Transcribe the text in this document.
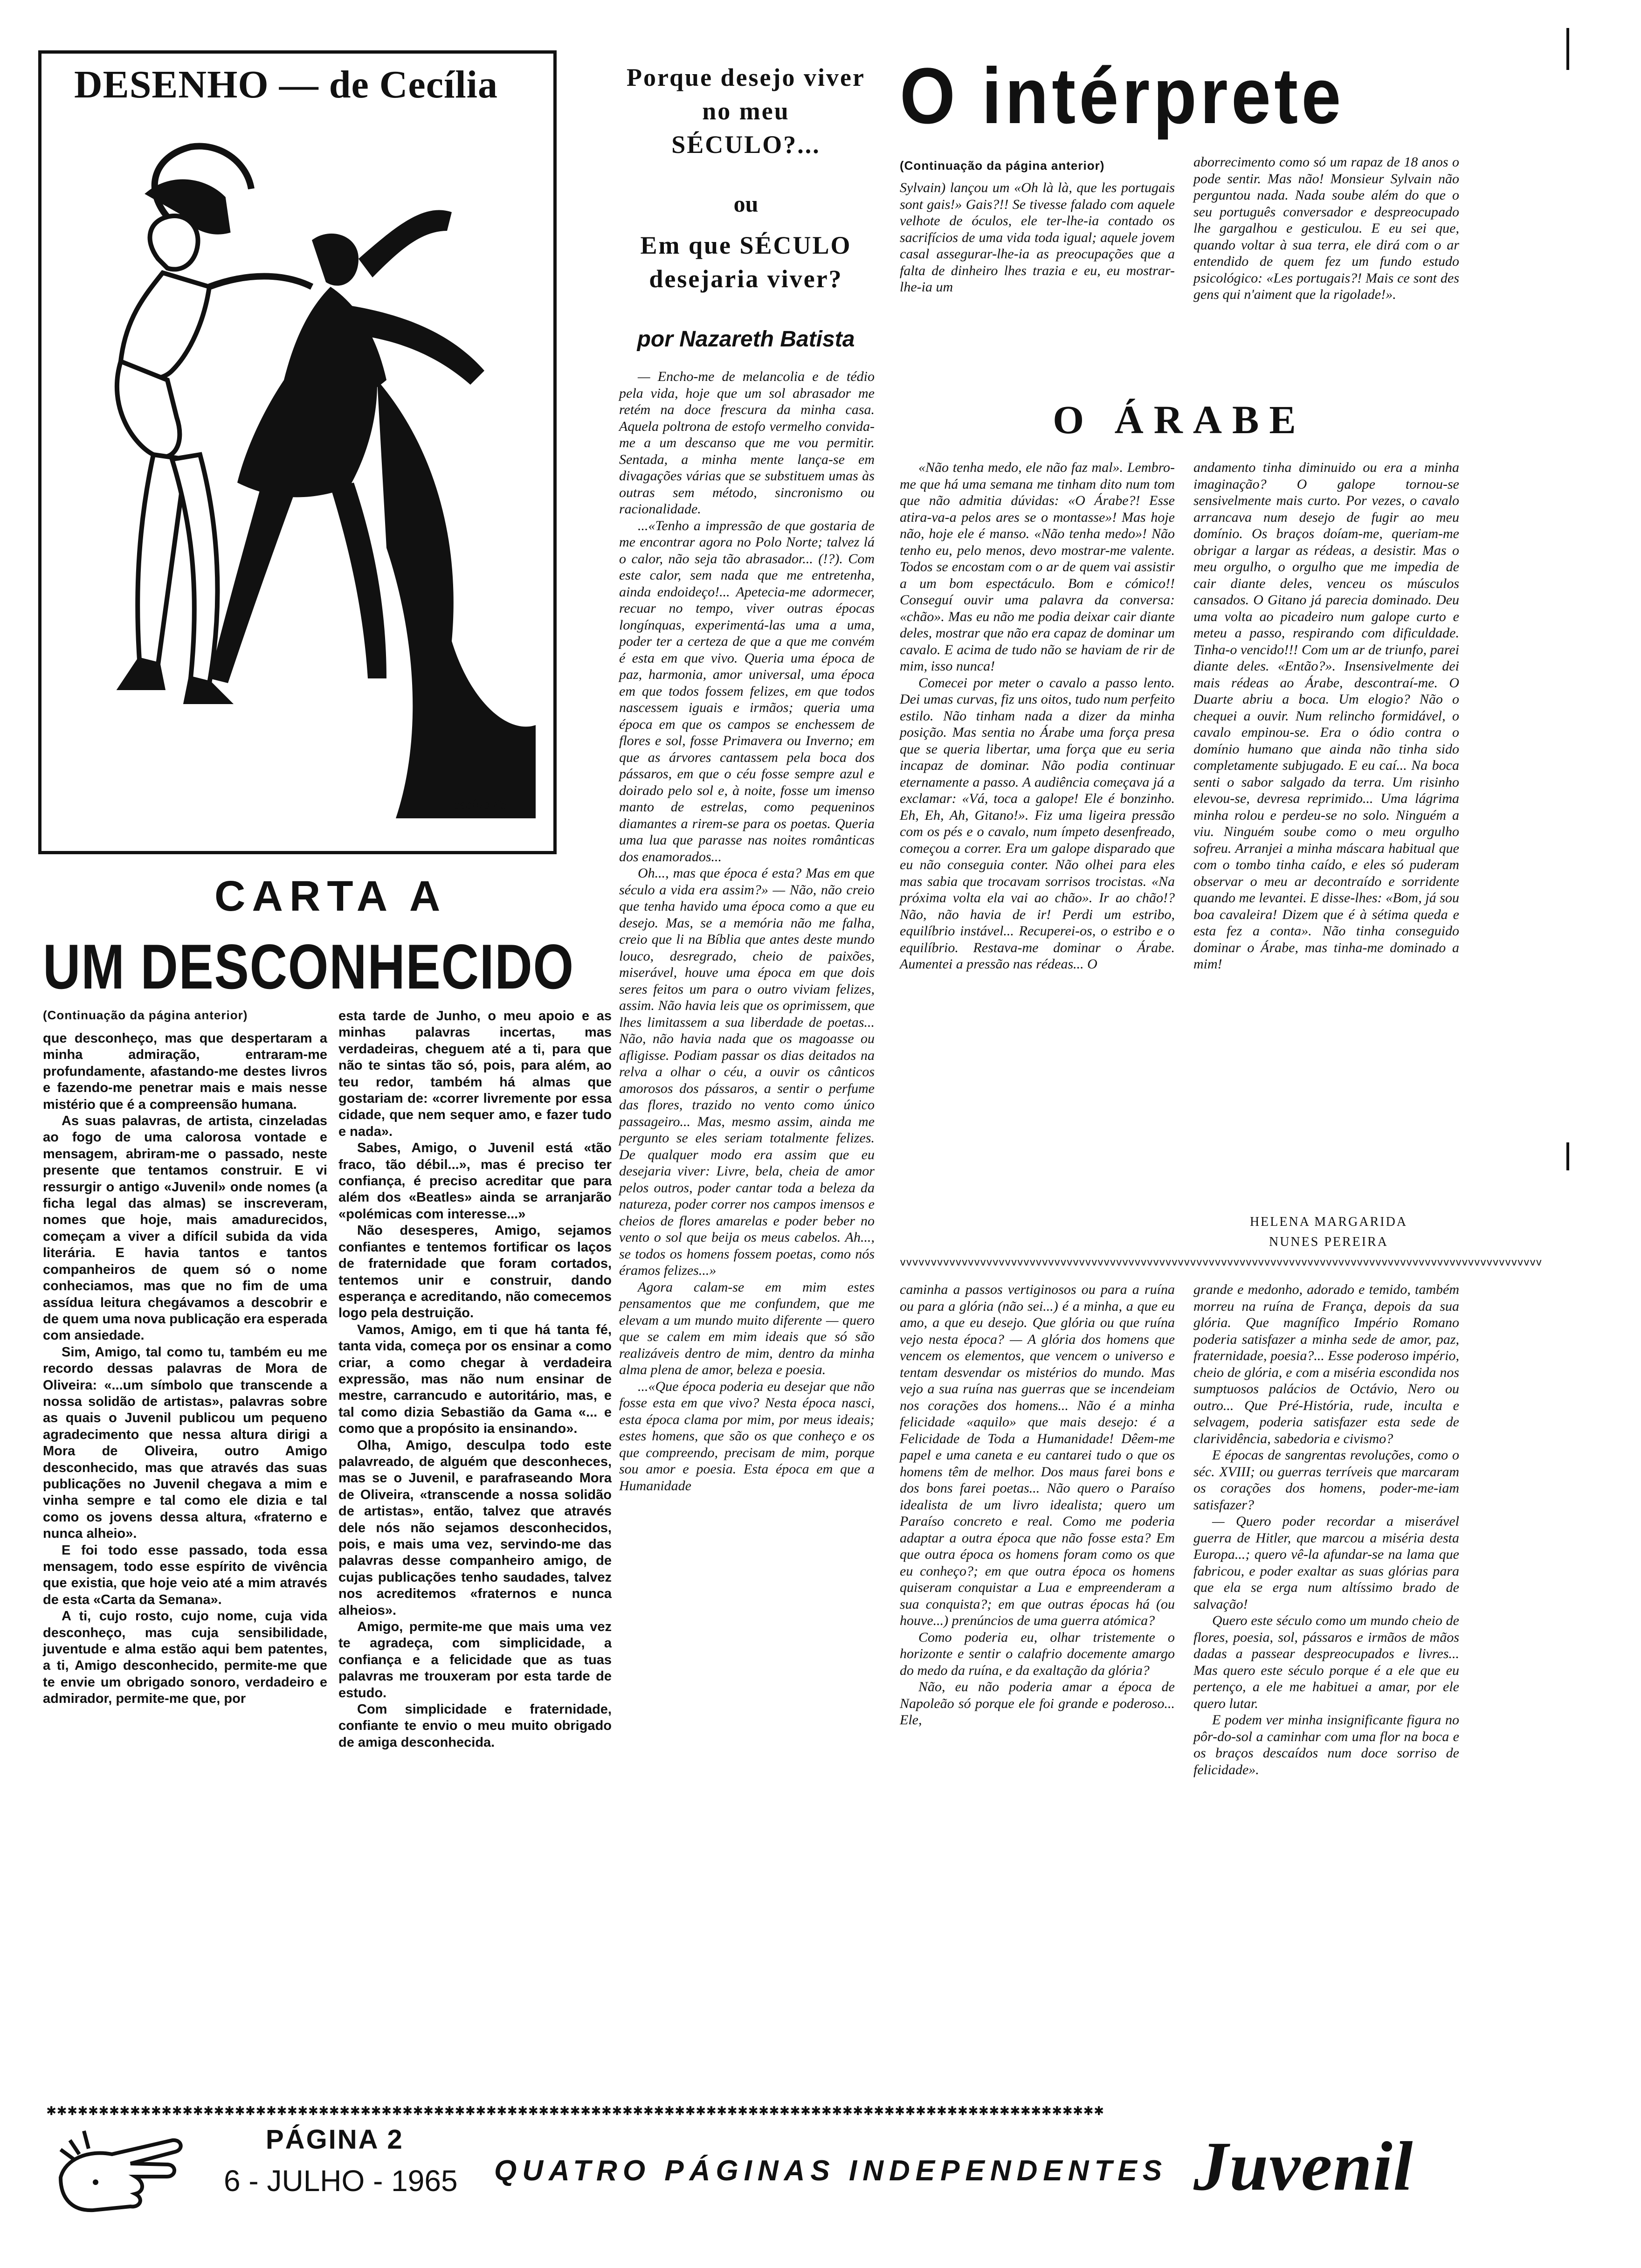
DESENHO — de Cecília
cecília 65
CARTA A
UM DESCONHECIDO
(Continuação da página anterior)

que desconheço, mas que despertaram a minha admiração, entraram-me profundamente, afastando-me destes livros e fazendo-me penetrar mais e mais nesse mistério que é a compreensão humana.

As suas palavras, de artista, cinzeladas ao fogo de uma calorosa vontade e mensagem, abriram-me o passado, neste presente que tentamos construir. E vi ressurgir o antigo «Juvenil» onde nomes (a ficha legal das almas) se inscreveram, nomes que hoje, mais amadurecidos, começam a viver a difícil subida da vida literária. E havia tantos e tantos companheiros de quem só o nome conheciamos, mas que no fim de uma assídua leitura chegávamos a descobrir e de quem uma nova publicação era esperada com ansiedade.

Sim, Amigo, tal como tu, também eu me recordo dessas palavras de Mora de Oliveira: «...um símbolo que transcende a nossa solidão de artistas», palavras sobre as quais o Juvenil publicou um pequeno agradecimento que nessa altura dirigi a Mora de Oliveira, outro Amigo desconhecido, mas que através das suas publicações no Juvenil chegava a mim e vinha sempre e tal como ele dizia e tal como os jovens dessa altura, «fraterno e nunca alheio».

E foi todo esse passado, toda essa mensagem, todo esse espírito de vivência que existia, que hoje veio até a mim através de esta «Carta da Semana».

A ti, cujo rosto, cujo nome, cuja vida desconheço, mas cuja sensibilidade, juventude e alma estão aqui bem patentes, a ti, Amigo desconhecido, permite-me que te envie um obrigado sonoro, verdadeiro e admirador, permite-me que, por

esta tarde de Junho, o meu apoio e as minhas palavras incertas, mas verdadeiras, cheguem até a ti, para que não te sintas tão só, pois, para além, ao teu redor, também há almas que gostariam de: «correr livremente por essa cidade, que nem sequer amo, e fazer tudo e nada».

Sabes, Amigo, o Juvenil está «tão fraco, tão débil...», mas é preciso ter confiança, é preciso acreditar que para além dos «Beatles» ainda se arranjarão «polémicas com interesse...»

Não desesperes, Amigo, sejamos confiantes e tentemos fortificar os laços de fraternidade que foram cortados, tentemos unir e construir, dando esperança e acreditando, não comecemos logo pela destruição.

Vamos, Amigo, em ti que há tanta fé, tanta vida, começa por os ensinar a como criar, a como chegar à verdadeira expressão, mas não num ensinar de mestre, carrancudo e autoritário, mas, e tal como dizia Sebastião da Gama «... e como que a propósito ia ensinando».

Olha, Amigo, desculpa todo este palavreado, de alguém que desconheces, mas se o Juvenil, e parafraseando Mora de Oliveira, «transcende a nossa solidão de artistas», então, talvez que através dele nós não sejamos desconhecidos, pois, e mais uma vez, servindo-me das palavras desse companheiro amigo, de cujas publicações tenho saudades, talvez nos acreditemos «fraternos e nunca alheios».

Amigo, permite-me que mais uma vez te agradeça, com simplicidade, a confiança e a felicidade que as tuas palavras me trouxeram por esta tarde de estudo.

Com simplicidade e fraternidade, confiante te envio o meu muito obrigado de amiga desconhecida.

Porque desejo viver no meu SÉCULO?...
ou
Em que SÉCULO desejaria viver?
por Nazareth Batista

— Encho-me de melancolia e de tédio pela vida, hoje que um sol abrasador me retém na doce frescura da minha casa. Aquela poltrona de estofo vermelho convida-me a um descanso que me vou permitir. Sentada, a minha mente lança-se em divagações várias que se substituem umas às outras sem método, sincronismo ou racionalidade.

...«Tenho a impressão de que gostaria de me encontrar agora no Polo Norte; talvez lá o calor, não seja tão abrasador... (!?). Com este calor, sem nada que me entretenha, ainda endoideço!... Apetecia-me adormecer, recuar no tempo, viver outras épocas longínquas, experimentá-las uma a uma, poder ter a certeza de que a que me convém é esta em que vivo. Queria uma época de paz, harmonia, amor universal, uma época em que todos fossem felizes, em que todos nascessem iguais e irmãos; queria uma época em que os campos se enchessem de flores e sol, fosse Primavera ou Inverno; em que as árvores cantassem pela boca dos pássaros, em que o céu fosse sempre azul e doirado pelo sol e, à noite, fosse um imenso manto de estrelas, como pequeninos diamantes a rirem-se para os poetas. Queria uma lua que parasse nas noites românticas dos enamorados...

Oh..., mas que época é esta? Mas em que século a vida era assim?» — Não, não creio que tenha havido uma época como a que eu desejo. Mas, se a memória não me falha, creio que li na Bíblia que antes deste mundo louco, desregrado, cheio de paixões, miserável, houve uma época em que dois seres feitos um para o outro viviam felizes, assim. Não havia leis que os oprimissem, que lhes limitassem a sua liberdade de poetas... Não, não havia nada que os magoasse ou afligisse. Podiam passar os dias deitados na relva a olhar o céu, a ouvir os cânticos amorosos dos pássaros, a sentir o perfume das flores, trazido no vento como único passageiro... Mas, mesmo assim, ainda me pergunto se eles seriam totalmente felizes. De qualquer modo era assim que eu desejaria viver: Livre, bela, cheia de amor pelos outros, poder cantar toda a beleza da natureza, poder correr nos campos imensos e cheios de flores amarelas e poder beber no vento o sol que beija os meus cabelos. Ah..., se todos os homens fossem poetas, como nós éramos felizes...»

Agora calam-se em mim estes pensamentos que me confundem, que me elevam a um mundo muito diferente — quero que se calem em mim ideais que só são realizáveis dentro de mim, dentro da minha alma plena de amor, beleza e poesia.

...«Que época poderia eu desejar que não fosse esta em que vivo? Nesta época nasci, esta época clama por mim, por meus ideais; estes homens, que são os que conheço e os que compreendo, precisam de mim, porque sou amor e poesia. Esta época em que a Humanidade

O intérprete
(Continuação da página anterior)
Sylvain) lançou um «Oh là là, que les portugais sont gais!» Gais?!! Se tivesse falado com aquele velhote de óculos, ele ter-lhe-ia contado os sacrifícios de uma vida toda igual; aquele jovem casal assegurar-lhe-ia as preocupações que a falta de dinheiro lhes trazia e eu, eu mostrar-lhe-ia um
aborrecimento como só um rapaz de 18 anos o pode sentir. Mas não! Monsieur Sylvain não perguntou nada. Nada soube além do que o seu português conversador e despreocupado lhe gargalhou e gesticulou. E eu sei que, quando voltar à sua terra, ele dirá com o ar entendido de quem fez um fundo estudo psicológico: «Les portugais?! Mais ce sont des gens qui n'aiment que la rigolade!».
O ÁRABE

«Não tenha medo, ele não faz mal». Lembro-me que há uma semana me tinham dito num tom que não admitia dúvidas: «O Árabe?! Esse atira-va-a pelos ares se o montasse»! Mas hoje não, hoje ele é manso. «Não tenha medo»! Não tenho eu, pelo menos, devo mostrar-me valente. Todos se encostam com o ar de quem vai assistir a um bom espectáculo. Bom e cómico!! Conseguí ouvir uma palavra da conversa: «chão». Mas eu não me podia deixar cair diante deles, mostrar que não era capaz de dominar um cavalo. E acima de tudo não se haviam de rir de mim, isso nunca!

Comecei por meter o cavalo a passo lento. Dei umas curvas, fiz uns oitos, tudo num perfeito estilo. Não tinham nada a dizer da minha posição. Mas sentia no Árabe uma força presa que se queria libertar, uma força que eu seria incapaz de dominar. Não podia continuar eternamente a passo. A audiência começava já a exclamar: «Vá, toca a galope! Ele é bonzinho. Eh, Eh, Ah, Gitano!». Fiz uma ligeira pressão com os pés e o cavalo, num ímpeto desenfreado, começou a correr. Era um galope disparado que eu não conseguia conter. Não olhei para eles mas sabia que trocavam sorrisos trocistas. «Na próxima volta ela vai ao chão». Ir ao chão!? Não, não havia de ir! Perdi um estribo, equilíbrio instável... Recuperei-os, o estribo e o equilíbrio. Restava-me dominar o Árabe. Aumentei a pressão nas rédeas... O

andamento tinha diminuido ou era a minha imaginação? O galope tornou-se sensivelmente mais curto. Por vezes, o cavalo arrancava num desejo de fugir ao meu domínio. Os braços doíam-me, queriam-me obrigar a largar as rédeas, a desistir. Mas o meu orgulho, o orgulho que me impedia de cair diante deles, venceu os músculos cansados. O Gitano já parecia dominado. Deu uma volta ao picadeiro num galope curto e meteu a passo, respirando com dificuldade. Tinha-o vencido!!! Com um ar de triunfo, parei diante deles. «Então?». Insensivelmente dei mais rédeas ao Árabe, descontraí-me. O Duarte abriu a boca. Um elogio? Não o chequei a ouvir. Num relincho formidável, o cavalo empinou-se. Era o ódio contra o domínio humano que ainda não tinha sido completamente subjugado. E eu caí... Na boca senti o sabor salgado da terra. Um risinho elevou-se, devresa reprimido... Uma lágrima minha rolou e perdeu-se no solo. Ninguém a viu. Ninguém soube como o meu orgulho sofreu. Arranjei a minha máscara habitual que com o tombo tinha caído, e eles só puderam observar o meu ar decontraído e sorridente quando me levantei. E disse-lhes: «Bom, já sou boa cavaleira! Dizem que é à sétima queda e esta fez a conta». Não tinha conseguido dominar o Árabe, mas tinha-me dominado a mim!

HELENA MARGARIDA
NUNES PEREIRA
vvvvvvvvvvvvvvvvvvvvvvvvvvvvvvvvvvvvvvvvvvvvvvvvvvvvvvvvvvvvvvvvvvvvvvvvvvvvvvvvvvvvvvvvvvvvvvvvvvvvvvvv

caminha a passos vertiginosos ou para a ruína ou para a glória (não sei...) é a minha, a que eu amo, a que eu desejo. Que glória ou que ruína vejo nesta época? — A glória dos homens que vencem os elementos, que vencem o universo e tentam desvendar os mistérios do mundo. Mas vejo a sua ruína nas guerras que se incendeiam nos corações dos homens... Não é a minha felicidade «aquilo» que mais desejo: é a Felicidade de Toda a Humanidade! Dêem-me papel e uma caneta e eu cantarei tudo o que os homens têm de melhor. Dos maus farei bons e dos bons farei poetas... Não quero o Paraíso idealista de um livro idealista; quero um Paraíso concreto e real. Como me poderia adaptar a outra época que não fosse esta? Em que outra época os homens foram como os que eu conheço?; em que outra época os homens quiseram conquistar a Lua e empreenderam a sua conquista?; em que outras épocas há (ou houve...) prenúncios de uma guerra atómica?

Como poderia eu, olhar tristemente o horizonte e sentir o calafrio docemente amargo do medo da ruína, e da exaltação da glória?

Não, eu não poderia amar a época de Napoleão só porque ele foi grande e poderoso... Ele,

grande e medonho, adorado e temido, também morreu na ruína de França, depois da sua glória. Que magnífico Império Romano poderia satisfazer a minha sede de amor, paz, fraternidade, poesia?... Esse poderoso império, cheio de glória, e com a miséria escondida nos sumptuosos palácios de Octávio, Nero ou outro... Que Pré-História, rude, inculta e selvagem, poderia satisfazer esta sede de clarividência, sabedoria e civismo?

E épocas de sangrentas revoluções, como o séc. XVIII; ou guerras terríveis que marcaram os corações dos homens, poder-me-iam satisfazer?

— Quero poder recordar a miserável guerra de Hitler, que marcou a miséria desta Europa...; quero vê-la afundar-se na lama que fabricou, e poder exaltar as suas glórias para que ela se erga num altíssimo brado de salvação!

Quero este século como um mundo cheio de flores, poesia, sol, pássaros e irmãos de mãos dadas a passear despreocupados e livres... Mas quero este século porque é a ele que eu pertenço, a ele me habituei a amar, por ele quero lutar.

E podem ver minha insignificante figura no pôr-do-sol a caminhar com uma flor na boca e os braços descaídos num doce sorriso de felicidade».

✱✱✱✱✱✱✱✱✱✱✱✱✱✱✱✱✱✱✱✱✱✱✱✱✱✱✱✱✱✱✱✱✱✱✱✱✱✱✱✱✱✱✱✱✱✱✱✱✱✱✱✱✱✱✱✱✱✱✱✱✱✱✱✱✱✱✱✱✱✱✱✱✱✱✱✱✱✱✱✱✱✱✱✱✱✱✱✱✱✱✱✱✱✱✱✱✱✱✱✱✱
PÁGINA 2
6 - JULHO - 1965 QUATRO PÁGINAS INDEPENDENTES Juvenil
